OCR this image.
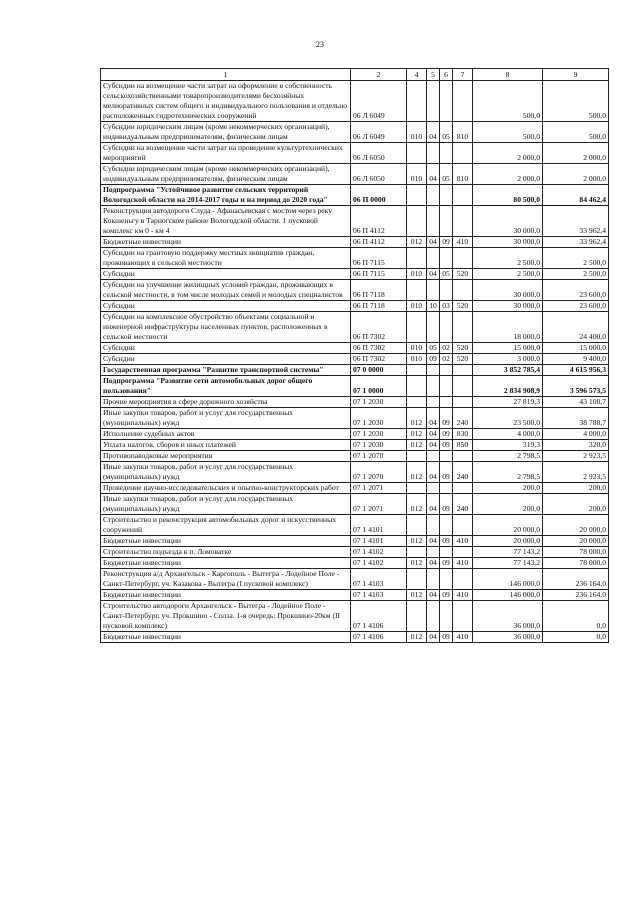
23
1	2	4	5	6	7	8	9
Субсидии на возмещение части затрат на оформление в собственность сельскохозяйственными товаропроизводителями бесхозяйных мелиоративных систем общего и индивидуального пользования и отдельно расположенных гидротехнических сооружений	06 Л 6049					500,0	500,0
Субсидии юридическим лицам (кроме некоммерческих организаций), индивидуальным предпринимателям, физическим лицам	06 Л 6049	010	04	05	810	500,0	500,0
Субсидии на возмещение части затрат на проведение культуртехнических мероприятий	06 Л 6050					2 000,0	2 000,0
Субсидии юридическим лицам (кроме некоммерческих организаций), индивидуальным предпринимателям, физическим лицам	06 Л 6050	010	04	05	810	2 000,0	2 000,0
Подпрограмма "Устойчивое развитие сельских территорий Вологодской области на 2014-2017 годы и на период до 2020 года"	06 П 0000					80 500,0	84 462,4
Реконструкция автодороги Слуда - Афанасьевская с мостом через реку Кокшеньгу в Тарногском районе Вологодской области. 1 пусковой комплекс км 0 - км 4	06 П 4112					30 000,0	33 962,4
Бюджетные инвестиции	06 П 4112	012	04	09	410	30 000,0	33 962,4
Субсидии на грантовую поддержку местных инициатив граждан, проживающих в сельской местности	06 П 7115					2 500,0	2 500,0
Субсидии	06 П 7115	010	04	05	520	2 500,0	2 500,0
Субсидии на улучшение жилищных условий граждан, проживающих в сельской местности, в том числе молодых семей и молодых специалистов	06 П 7118					30 000,0	23 600,0
Субсидии	06 П 7118	010	10	03	520	30 000,0	23 600,0
Субсидии на комплексное обустройство объектами социальной и инженерной инфраструктуры населенных пунктов, расположенных в сельской местности	06 П 7302					18 000,0	24 400,0
Субсидии	06 П 7302	010	05	02	520	15 000,0	15 000,0
Субсидии	06 П 7302	010	09	02	520	3 000,0	9 400,0
Государственная программа "Развитие транспортной системы"	07 0 0000					3 852 785,4	4 615 956,3
Подпрограмма "Развитие сети автомобильных дорог общего пользования"	07 1 0000					2 834 908,9	3 596 573,5
Прочие мероприятия в сфере дорожного хозяйства	07 1 2030					27 819,3	43 108,7
Иные закупки товаров, работ и услуг для государственных (муниципальных) нужд	07 1 2030	012	04	09	240	23 500,0	38 788,7
Исполнение судебных актов	07 1 2030	012	04	09	830	4 000,0	4 000,0
Уплата налогов, сборов и иных платежей	07 1 2030	012	04	09	850	319,3	320,0
Противопаводковые мероприятия	07 1 2070					2 798,5	2 923,5
Иные закупки товаров, работ и услуг для государственных (муниципальных) нужд	07 1 2070	012	04	09	240	2 798,5	2 923,5
Проведение научно-исследовательских и опытно-конструкторских работ	07 1 2071					200,0	200,0
Иные закупки товаров, работ и услуг для государственных (муниципальных) нужд	07 1 2071	012	04	09	240	200,0	200,0
Строительство и реконструкция автомобильных дорог и искусственных сооружений	07 1 4101					20 000,0	20 000,0
Бюджетные инвестиции	07 1 4101	012	04	09	410	20 000,0	20 000,0
Строительство подъезда к п. Ломоватке	07 1 4102					77 143,2	78 000,0
Бюджетные инвестиции	07 1 4102	012	04	09	410	77 143,2	78 000,0
Реконструкция а/д Архангельск - Каргополь - Вытегра - Лодейное Поле - Санкт-Петербург, уч. Казакова - Вытегра (I пусковой комплекс)	07 1 4103					146 000,0	236 164,0
Бюджетные инвестиции	07 1 4103	012	04	09	410	146 000,0	236 164,0
Строительство автодороги Архангельск - Вытегра - Лодейное Поле - Санкт-Петербург, уч. Прокшино - Солза. 1-я очередь: Прокшино-20км (II пусковой комплекс)	07 1 4106					36 000,0	0,0
Бюджетные инвестиции	07 1 4106	012	04	09	410	36 000,0	0,0
